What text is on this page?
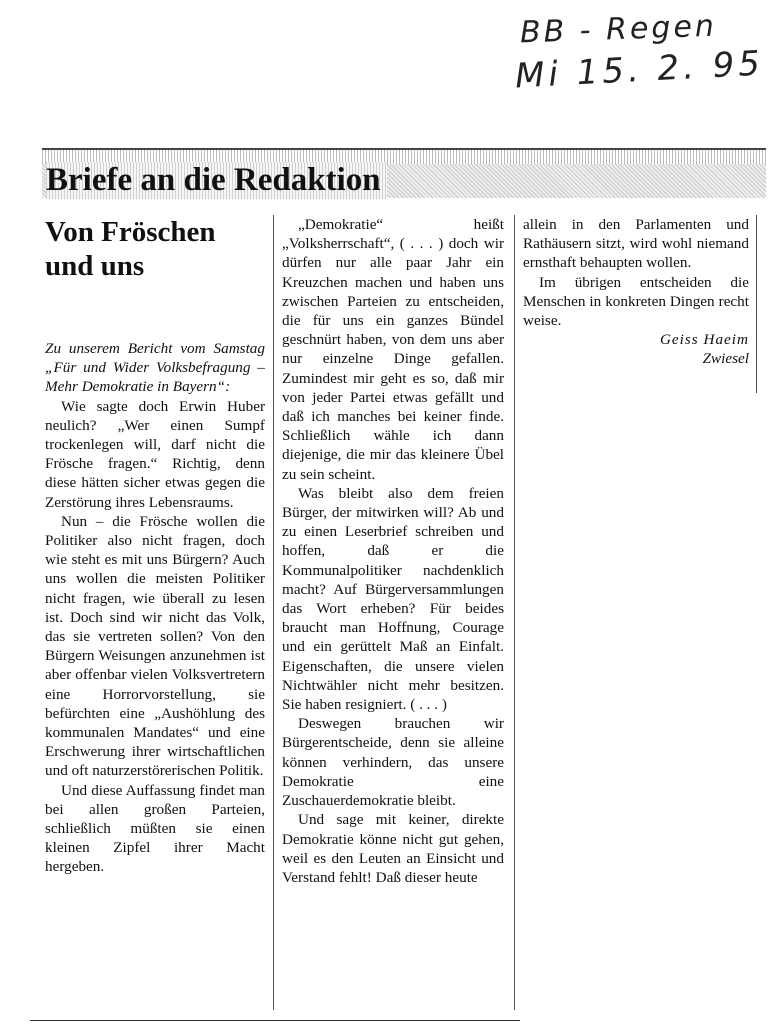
BB - Regen
Mi 15. 2. 95
Briefe an die Redaktion
Von Fröschen und uns

Zu unserem Bericht vom Samstag „Für und Wider Volksbefragung – Mehr Demokratie in Bayern“:

Wie sagte doch Erwin Huber neulich? „Wer einen Sumpf trockenlegen will, darf nicht die Frösche fragen.“ Richtig, denn diese hätten sicher etwas gegen die Zerstörung ihres Lebensraums.

Nun – die Frösche wollen die Politiker also nicht fragen, doch wie steht es mit uns Bürgern? Auch uns wollen die meisten Politiker nicht fragen, wie überall zu lesen ist. Doch sind wir nicht das Volk, das sie vertreten sollen? Von den Bürgern Weisungen anzunehmen ist aber offenbar vielen Volksvertretern eine Horrorvorstellung, sie befürchten eine „Aushöhlung des kommunalen Mandates“ und eine Erschwerung ihrer wirtschaftlichen und oft naturzerstörerischen Politik.

Und diese Auffassung findet man bei allen großen Parteien, schließlich müßten sie einen kleinen Zipfel ihrer Macht hergeben.

„Demokratie“ heißt „Volksherrschaft“, ( . . . ) doch wir dürfen nur alle paar Jahr ein Kreuzchen machen und haben uns zwischen Parteien zu entscheiden, die für uns ein ganzes Bündel geschnürt haben, von dem uns aber nur einzelne Dinge gefallen. Zumindest mir geht es so, daß mir von jeder Partei etwas gefällt und daß ich manches bei keiner finde. Schließlich wähle ich dann diejenige, die mir das kleinere Übel zu sein scheint.

Was bleibt also dem freien Bürger, der mitwirken will? Ab und zu einen Leserbrief schreiben und hoffen, daß er die Kommunalpolitiker nachdenklich macht? Auf Bürgerversammlungen das Wort erheben? Für beides braucht man Hoffnung, Courage und ein gerüttelt Maß an Einfalt. Eigenschaften, die unsere vielen Nichtwähler nicht mehr besitzen. Sie haben resigniert. ( . . . )

Deswegen brauchen wir Bürgerentscheide, denn sie alleine können verhindern, das unsere Demokratie eine Zuschauerdemokratie bleibt.

Und sage mit keiner, direkte Demokratie könne nicht gut gehen, weil es den Leuten an Einsicht und Verstand fehlt! Daß dieser heute

allein in den Parlamenten und Rathäusern sitzt, wird wohl niemand ernsthaft behaupten wollen.

Im übrigen entscheiden die Menschen in konkreten Dingen recht weise.

Geiss Haeim

Zwiesel
